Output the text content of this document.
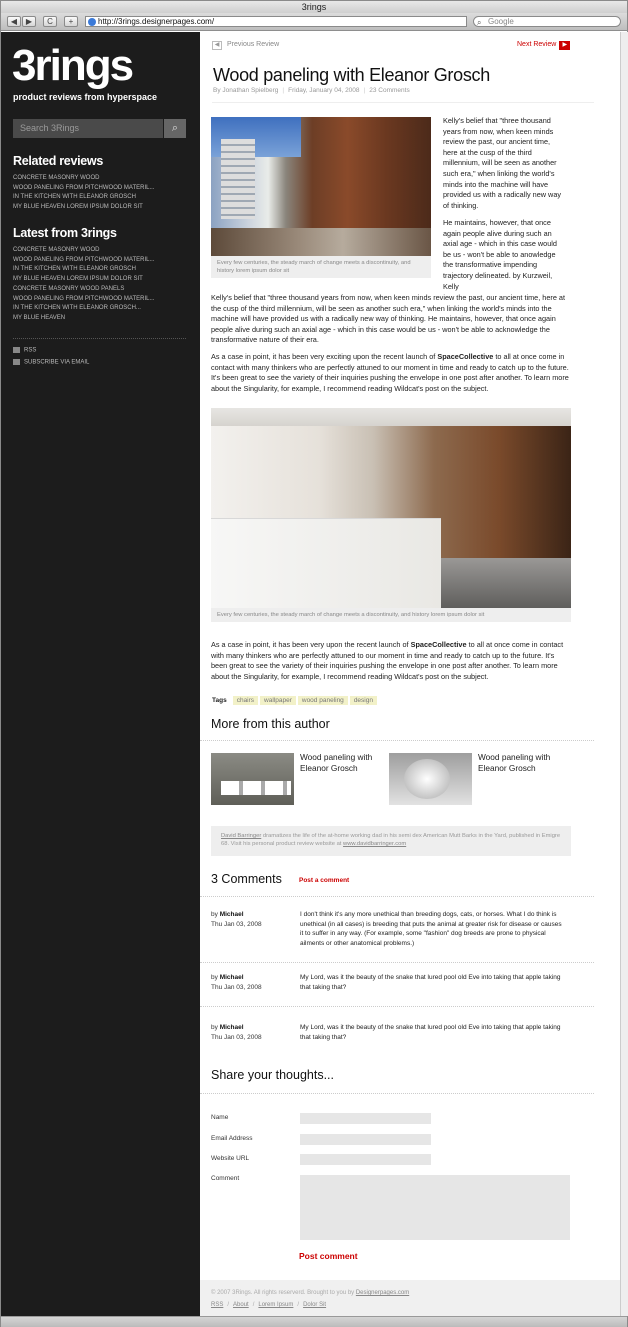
3rings
◀	▶	C	+	http://3rings.designerpages.com/	⌕ Google
3rings
product reviews from hyperspace
Search 3Rings	⌕
Related reviews
CONCRETE MASONRY WOOD
WOOD PANELING FROM PITCHWOOD MATERIL...
IN THE KITCHEN WITH ELEANOR GROSCH
MY BLUE HEAVEN LOREM IPSUM DOLOR SIT
Latest from 3rings
CONCRETE MASONRY WOOD
WOOD PANELING FROM PITCHWOOD MATERIL...
IN THE KITCHEN WITH ELEANOR GROSCH
MY BLUE HEAVEN LOREM IPSUM DOLOR SIT
CONCRETE MASONRY WOOD PANELS
WOOD PANELING FROM PITCHWOOD MATERIL...
IN THE KITCHEN WITH ELEANOR GROSCH...
MY BLUE HEAVEN
RSS
SUBSCRIBE VIA EMAIL
◀ Previous Review	Next Review ▶
Wood paneling with Eleanor Grosch
By Jonathan Spielberg | Friday, January 04, 2008 | 23 Comments
Every few centuries, the steady march of change meets a discontinuity, and history lorem ipsum dolor sit
Kelly's belief that "three thousand years from now, when keen minds review the past, our ancient time, here at the cusp of the third millennium, will be seen as another such era," when linking the world's minds into the machine will have provided us with a radically new way of thinking.
He maintains, however, that once again people alive during such an axial age - which in this case would be us - won't be able to anowledge the transformative impending trajectory delineated. by Kurzweil, Kelly
Kelly's belief that "three thousand years from now, when keen minds review the past, our ancient time, here at the cusp of the third millennium, will be seen as another such era," when linking the world's minds into the machine will have provided us with a radically new way of thinking. He maintains, however, that once again people alive during such an axial age - which in this case would be us - won't be able to acknowledge the transformative nature of their era.
As a case in point, it has been very exciting upon the recent launch of SpaceCollective to all at once come in contact with many thinkers who are perfectly attuned to our moment in time and ready to catch up to the future. It's been great to see the variety of their inquiries pushing the envelope in one post after another. To learn more about the Singularity, for example, I recommend reading Wildcat's post on the subject.
Every few centuries, the steady march of change meets a discontinuity, and history lorem ipsum dolor sit
As a case in point, it has been very upon the recent launch of SpaceCollective to all at once come in contact with many thinkers who are perfectly attuned to our moment in time and ready to catch up to the future. It's been great to see the variety of their inquiries pushing the envelope in one post after another. To learn more about the Singularity, for example, I recommend reading Wildcat's post on the subject.
Tags chairs wallpaper wood paneling design
More from this author
Wood paneling with Eleanor Grosch
Wood paneling with Eleanor Grosch
David Barringer dramatizes the life of the at-home working dad in his semi dex American Mutt Barks in the Yard, published in Emigre 68. Visit his personal product review website at www.davidbarringer.com
3 Comments	Post a comment
by Michael
Thu Jan 03, 2008
I don't think it's any more unethical than breeding dogs, cats, or horses. What I do think is unethical (in all cases) is breeding that puts the animal at greater risk for disease or causes it to suffer in any way. (For example, some "fashion" dog breeds are prone to physical ailments or other anatomical problems.)
by Michael
Thu Jan 03, 2008
My Lord, was it the beauty of the snake that lured pool old Eve into taking that apple taking that taking that?
by Michael
Thu Jan 03, 2008
My Lord, was it the beauty of the snake that lured pool old Eve into taking that apple taking that taking that?
Share your thoughts...
Name
Email Address
Website URL
Comment
Post comment
© 2007 3Rings. All rights reserverd. Brought to you by Designerpages.com
RSS / About / Lorem Ipsum / Dolor Sit
